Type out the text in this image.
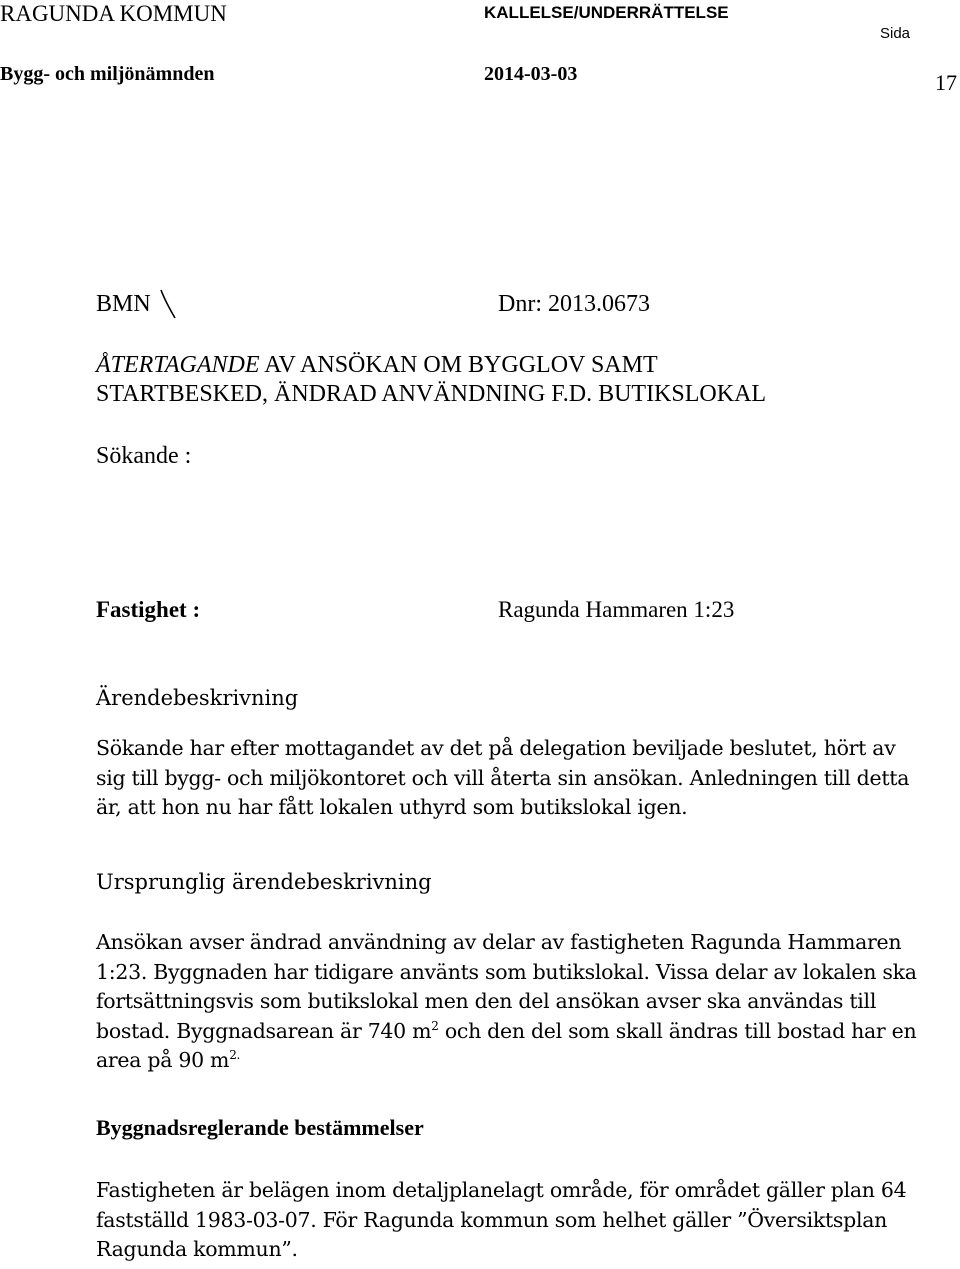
RAGUNDA KOMMUN	KALLELSE/UNDERRÄTTELSE
Sida
Bygg- och miljönämnden	2014-03-03	17
BMN	Dnr: 2013.0673
ÅTERTAGANDE AV ANSÖKAN OM BYGGLOV SAMT
STARTBESKED, ÄNDRAD ANVÄNDNING F.D. BUTIKSLOKAL
Sökande :
Fastighet :	Ragunda Hammaren 1:23
Ärendebeskrivning

Sökande har efter mottagandet av det på delegation beviljade beslutet, hört av

sig till bygg- och miljökontoret och vill återta sin ansökan. Anledningen till detta

är, att hon nu har fått lokalen uthyrd som butikslokal igen.

Ursprunglig ärendebeskrivning

Ansökan avser ändrad användning av delar av fastigheten Ragunda Hammaren

1:23. Byggnaden har tidigare använts som butikslokal. Vissa delar av lokalen ska

fortsättningsvis som butikslokal men den del ansökan avser ska användas till

bostad. Byggnadsarean är 740 $m^2$ och den del som skall ändras till bostad har en

area på 90 $m^{2.}$

Byggnadsreglerande bestämmelser

Fastigheten är belägen inom detaljplanelagt område, för området gäller plan 64

fastställd 1983-03-07. För Ragunda kommun som helhet gäller ”Översiktsplan

Ragunda kommun”.
